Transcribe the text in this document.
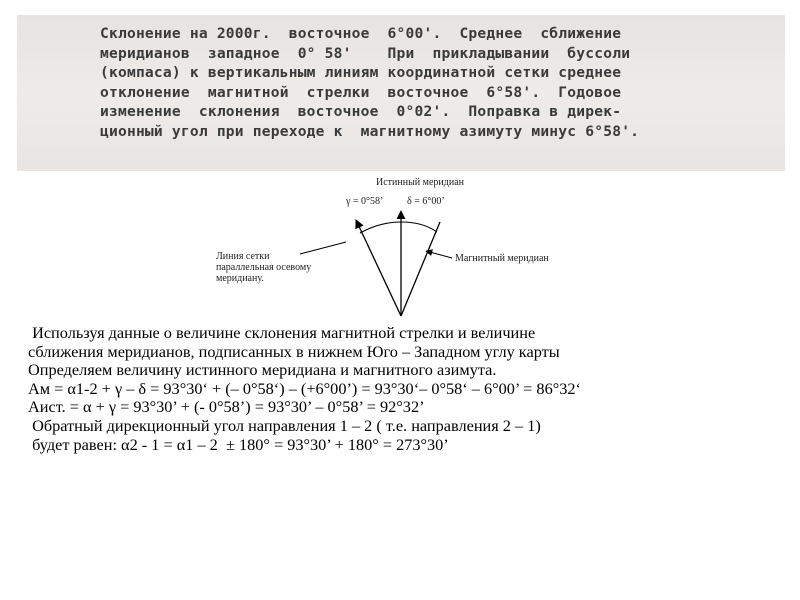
Склонение на 2000г.  восточное  6°00'.  Среднее  сближение
меридианов  западное  0° 58'    При  прикладывании  буссоли
(компаса) к вертикальным линиям координатной сетки среднее
отклонение  магнитной  стрелки  восточное  6°58'.  Годовое
изменение  склонения  восточное  0°02'.  Поправка в дирек-
ционный угол при переходе к  магнитному азимуту минус 6°58'.
Истинный меридиан
γ = 0°58’ δ = 6°00’
Линия сетки
параллельная осевому
меридиану.
Магнитный меридиан
Используя данные о величине склонения магнитной стрелки и величине
сближения меридианов, подписанных в нижнем Юго – Западном углу карты
Определяем величину истинного меридиана и магнитного азимута.
Ам = α1-2 + γ – δ = 93°30‘ + (– 0°58‘) – (+6°00’) = 93°30‘– 0°58‘ – 6°00’ = 86°32‘
Аист. = α + γ = 93°30’ + (- 0°58’) = 93°30’ – 0°58’ = 92°32’
Обратный дирекционный угол направления 1 – 2 ( т.е. направления 2 – 1)
будет равен: α2 - 1 = α1 – 2  ± 180° = 93°30’ + 180° = 273°30’
